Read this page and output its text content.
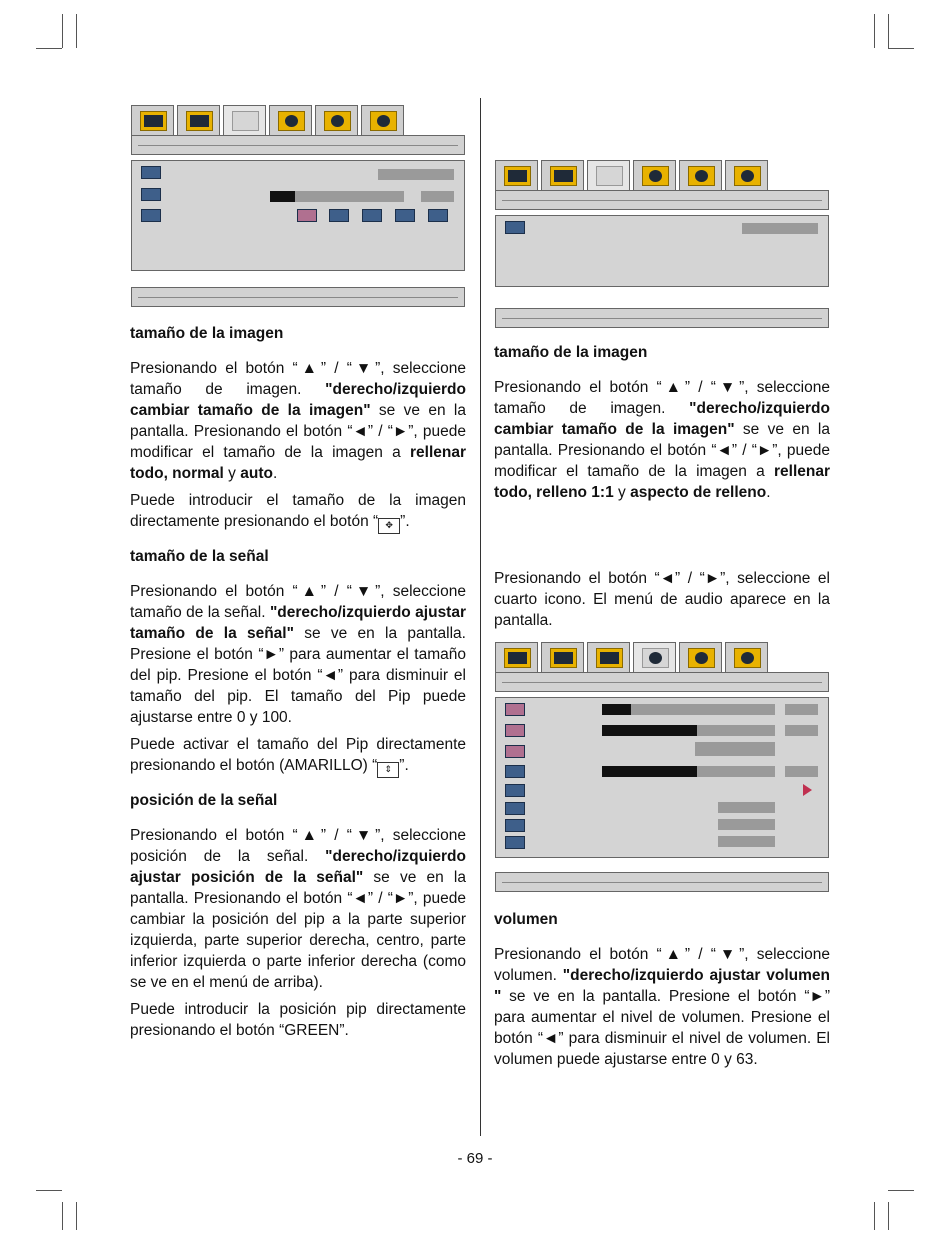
tamaño de la imagen

Presionando el botón “▲” / “▼”, seleccione tamaño de imagen. "derecho/izquierdo cambiar tamaño de la imagen" se ve en la pantalla. Presionando el botón “◄” / “►”, puede modificar el tamaño de la imagen a rellenar todo, normal y auto.

Puede introducir el tamaño de la imagen directamente presionando el botón “ ✥ ”.

tamaño de la señal

Presionando el botón “▲” / “▼”, seleccione tamaño de la señal. "derecho/izquierdo ajustar tamaño de la señal" se ve en la pantalla. Presione el botón “►” para aumentar el tamaño del pip. Presione el botón “◄” para disminuir el tamaño del pip. El tamaño del Pip puede ajustarse entre 0 y 100.

Puede activar el tamaño del Pip directamente presionando el botón (AMARILLO) “ ⇕ ”.

posición de la señal

Presionando el botón “▲” / “▼”, seleccione posición de la señal. "derecho/izquierdo ajustar posición de la señal" se ve en la pantalla. Presionando el botón “◄” / “►”, puede cambiar la posición del pip a la parte superior izquierda, parte superior derecha, centro, parte inferior izquierda o parte inferior derecha (como se ve en el menú de arriba).

Puede introducir la posición pip directamente presionando el botón “GREEN”.

tamaño de la imagen

Presionando el botón “▲” / “▼”, seleccione tamaño de imagen. "derecho/izquierdo cambiar tamaño de la imagen" se ve en la pantalla. Presionando el botón “◄” / “►”, puede modificar el tamaño de la imagen a rellenar todo, relleno 1:1 y aspecto de relleno.

Presionando el botón “◄” / “►”, seleccione el cuarto icono. El menú de audio aparece en la pantalla.

volumen

Presionando el botón “▲” / “▼”, seleccione volumen. "derecho/izquierdo ajustar volumen " se ve en la pantalla. Presione el botón “►” para aumentar el nivel de volumen. Presione el botón “◄” para disminuir el nivel de volumen. El volumen puede ajustarse entre 0 y 63.

- 69 -
